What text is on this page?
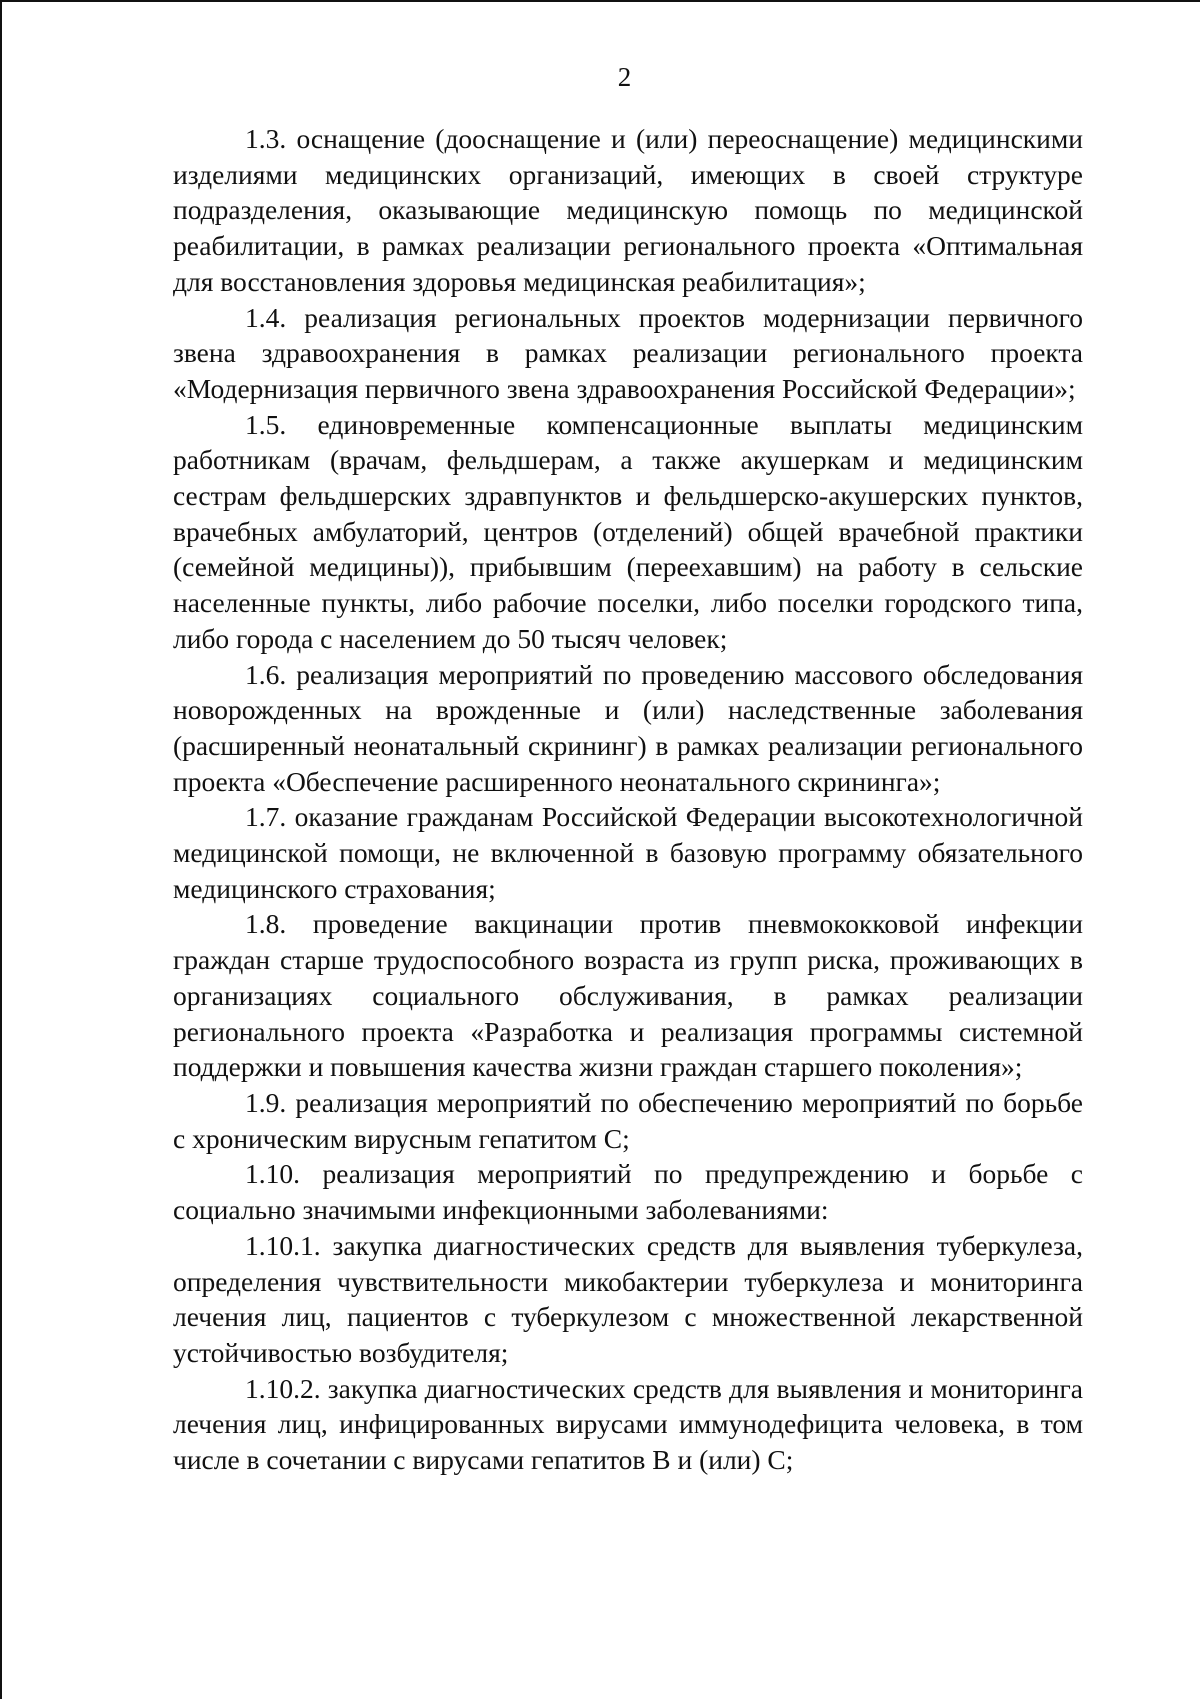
2

1.3. оснащение (дооснащение и (или) переоснащение) медицинскими изделиями медицинских организаций, имеющих в своей структуре подразделения, оказывающие медицинскую помощь по медицинской реабилитации, в рамках реализации регионального проекта «Оптимальная для восстановления здоровья медицинская реабилитация»;

1.4. реализация региональных проектов модернизации первичного звена здравоохранения в рамках реализации регионального проекта «Модернизация первичного звена здравоохранения Российской Федерации»;

1.5. единовременные компенсационные выплаты медицинским работникам (врачам, фельдшерам, а также акушеркам и медицинским сестрам фельдшерских здравпунктов и фельдшерско-акушерских пунктов, врачебных амбулаторий, центров (отделений) общей врачебной практики (семейной медицины)), прибывшим (переехавшим) на работу в сельские населенные пункты, либо рабочие поселки, либо поселки городского типа, либо города с населением до 50 тысяч человек;

1.6. реализация мероприятий по проведению массового обследования новорожденных на врожденные и (или) наследственные заболевания (расширенный неонатальный скрининг) в рамках реализации регионального проекта «Обеспечение расширенного неонатального скрининга»;

1.7. оказание гражданам Российской Федерации высокотехнологичной медицинской помощи, не включенной в базовую программу обязательного медицинского страхования;

1.8. проведение вакцинации против пневмококковой инфекции граждан старше трудоспособного возраста из групп риска, проживающих в организациях социального обслуживания, в рамках реализации регионального проекта «Разработка и реализация программы системной поддержки и повышения качества жизни граждан старшего поколения»;

1.9. реализация мероприятий по обеспечению мероприятий по борьбе с хроническим вирусным гепатитом С;

1.10. реализация мероприятий по предупреждению и борьбе с социально значимыми инфекционными заболеваниями:

1.10.1. закупка диагностических средств для выявления туберкулеза, определения чувствительности микобактерии туберкулеза и мониторинга лечения лиц, пациентов с туберкулезом с множественной лекарственной устойчивостью возбудителя;

1.10.2. закупка диагностических средств для выявления и мониторинга лечения лиц, инфицированных вирусами иммунодефицита человека, в том числе в сочетании с вирусами гепатитов В и (или) С;
